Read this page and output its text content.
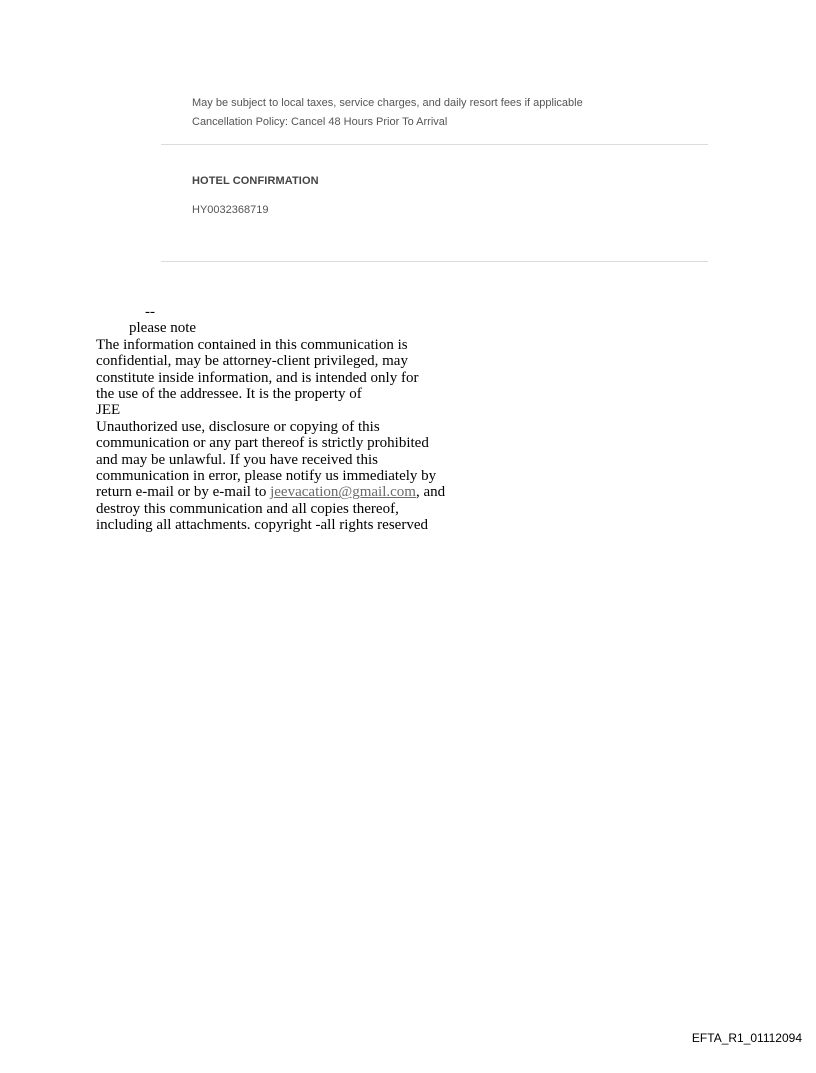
May be subject to local taxes, service charges, and daily resort fees if applicable
Cancellation Policy: Cancel 48 Hours Prior To Arrival
HOTEL CONFIRMATION
HY0032368719
--
please note
The information contained in this communication is
confidential, may be attorney-client privileged, may
constitute inside information, and is intended only for
the use of the addressee. It is the property of
JEE
Unauthorized use, disclosure or copying of this
communication or any part thereof is strictly prohibited
and may be unlawful. If you have received this
communication in error, please notify us immediately by
return e-mail or by e-mail to jeevacation@gmail.com, and
destroy this communication and all copies thereof,
including all attachments. copyright -all rights reserved
EFTA_R1_01112094
